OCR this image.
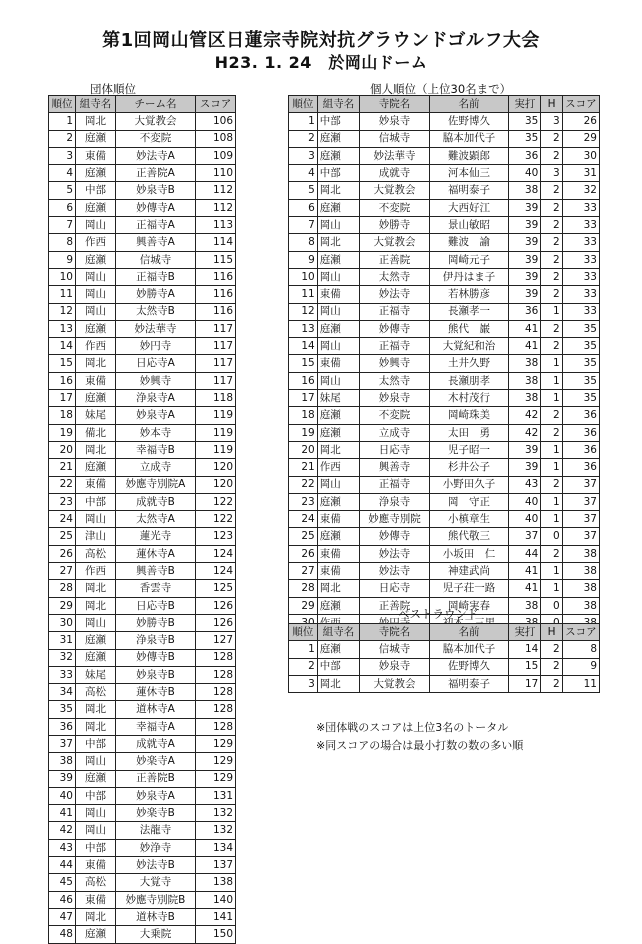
第1回岡山管区日蓮宗寺院対抗グラウンドゴルフ大会
H23. 1. 24　於岡山ドーム
団体順位
順位	組寺名	チーム名	スコア
1	岡北	大覚教会	106
2	庭瀬	不変院	108
3	東備	妙法寺A	109
4	庭瀬	正善院A	110
5	中部	妙泉寺B	112
6	庭瀬	妙傳寺A	112
7	岡山	正福寺A	113
8	作西	興善寺A	114
9	庭瀬	信城寺	115
10	岡山	正福寺B	116
11	岡山	妙勝寺A	116
12	岡山	太然寺B	116
13	庭瀬	妙法華寺	117
14	作西	妙円寺	117
15	岡北	日応寺A	117
16	東備	妙興寺	117
17	庭瀬	浄泉寺A	118
18	妹尾	妙泉寺A	119
19	備北	妙本寺	119
20	岡北	幸福寺B	119
21	庭瀬	立成寺	120
22	東備	妙應寺別院A	120
23	中部	成就寺B	122
24	岡山	太然寺A	122
25	津山	蓮光寺	123
26	高松	蓮休寺A	124
27	作西	興善寺B	124
28	岡北	香雲寺	125
29	岡北	日応寺B	126
30	岡山	妙勝寺B	126
31	庭瀬	浄泉寺B	127
32	庭瀬	妙傳寺B	128
33	妹尾	妙泉寺B	128
34	高松	蓮休寺B	128
35	岡北	道林寺A	128
36	岡北	幸福寺A	128
37	中部	成就寺A	129
38	岡山	妙楽寺A	129
39	庭瀬	正善院B	129
40	中部	妙泉寺A	131
41	岡山	妙楽寺B	132
42	岡山	法龍寺	132
43	中部	妙浄寺	134
44	東備	妙法寺B	137
45	高松	大覚寺	138
46	東備	妙應寺別院B	140
47	岡北	道林寺B	141
48	庭瀬	大乗院	150
個人順位（上位30名まで）
順位	組寺名	寺院名	名前	実打	H	スコア
1	中部	妙泉寺	佐野博久	35	3	26
2	庭瀬	信城寺	脇本加代子	35	2	29
3	庭瀬	妙法華寺	難波顕郎	36	2	30
4	中部	成就寺	河本仙三	40	3	31
5	岡北	大覚教会	福明泰子	38	2	32
6	庭瀬	不変院	大西好江	39	2	33
7	岡山	妙勝寺	景山敏昭	39	2	33
8	岡北	大覚教会	難波　諭	39	2	33
9	庭瀬	正善院	岡崎元子	39	2	33
10	岡山	太然寺	伊丹はま子	39	2	33
11	東備	妙法寺	若林勝彦	39	2	33
12	岡山	正福寺	長瀬孝一	36	1	33
13	庭瀬	妙傳寺	熊代　巌	41	2	35
14	岡山	正福寺	大覚紀和治	41	2	35
15	東備	妙興寺	土井久野	38	1	35
16	岡山	太然寺	長瀬朋孝	38	1	35
17	妹尾	妙泉寺	木村茂行	38	1	35
18	庭瀬	不変院	岡崎珠美	42	2	36
19	庭瀬	立成寺	太田　勇	42	2	36
20	岡北	日応寺	児子昭一	39	1	36
21	作西	興善寺	杉井公子	39	1	36
22	岡山	正福寺	小野田久子	43	2	37
23	庭瀬	浄泉寺	岡　守正	40	1	37
24	東備	妙應寺別院	小槙章生	40	1	37
25	庭瀬	妙傳寺	熊代敬三	37	0	37
26	東備	妙法寺	小坂田　仁	44	2	38
27	東備	妙法寺	神建武尚	41	1	38
28	岡北	日応寺	児子荘一路	41	1	38
29	庭瀬	正善院	岡崎実春	38	0	38

ベストラウンド
順位	組寺名	寺院名	名前	実打	H	スコア
1	庭瀬	信城寺	脇本加代子	14	2	8
2	中部	妙泉寺	佐野博久	15	2	9
3	岡北	大覚教会	福明泰子	17	2	11
※団体戦のスコアは上位3名のトータル
※同スコアの場合は最小打数の数の多い順
